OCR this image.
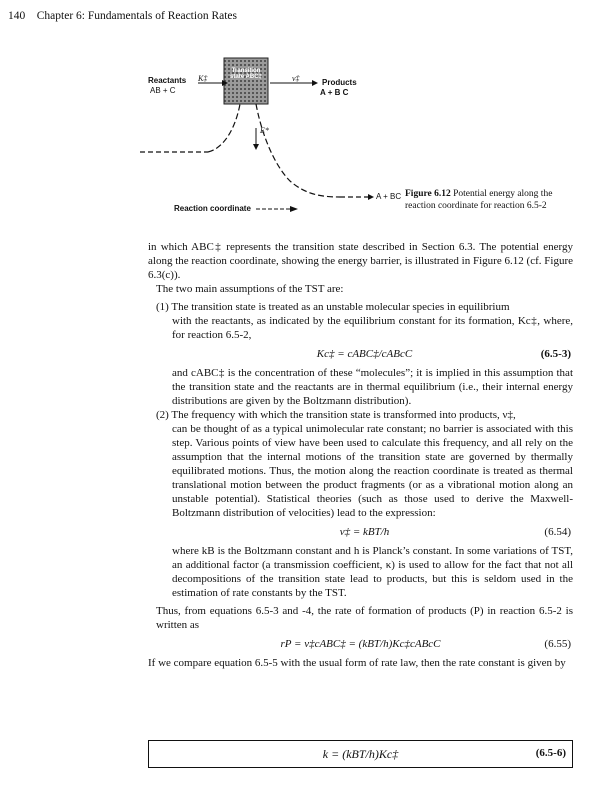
140 Chapter 6: Fundamentals of Reaction Rates
Reactants
AB + C
K‡
Transition state ABC‡	ν‡	Products
A + B C
E*
A + BC
Reaction coordinate
Figure 6.12 Potential energy along the reaction coordinate for reaction 6.5-2

in which ABC‡ represents the transition state described in Section 6.3. The potential energy along the reaction coordinate, showing the energy barrier, is illustrated in Figure 6.12 (cf. Figure 6.3(c)).

The two main assumptions of the TST are:

(1) The transition state is treated as an unstable molecular species in equilibrium

with the reactants, as indicated by the equilibrium constant for its formation, Kc‡, where, for reaction 6.5-2,

Kc‡ = cABC‡/cABcC	(6.5-3)

and cABC‡ is the concentration of these “molecules”; it is implied in this assumption that the transition state and the reactants are in thermal equilibrium (i.e., their internal energy distributions are given by the Boltzmann distribution).

(2) The frequency with which the transition state is transformed into products, ν‡,

can be thought of as a typical unimolecular rate constant; no barrier is associated with this step. Various points of view have been used to calculate this frequency, and all rely on the assumption that the internal motions of the transition state are governed by thermally equilibrated motions. Thus, the motion along the reaction coordinate is treated as thermal translational motion between the product fragments (or as a vibrational motion along an unstable potential). Statistical theories (such as those used to derive the Maxwell-Boltzmann distribution of velocities) lead to the expression:

ν‡ = kBT/h	(6.54)

where kB is the Boltzmann constant and h is Planck’s constant. In some variations of TST, an additional factor (a transmission coefficient, κ) is used to allow for the fact that not all decompositions of the transition state lead to products, but this is seldom used in the estimation of rate constants by the TST.

Thus, from equations 6.5-3 and -4, the rate of formation of products (P) in reaction 6.5-2 is written as

rP = ν‡cABC‡ = (kBT/h)Kc‡cABcC	(6.55)

If we compare equation 6.5-5 with the usual form of rate law, then the rate constant is given by

k = (kBT/h)Kc‡	(6.5-6)
